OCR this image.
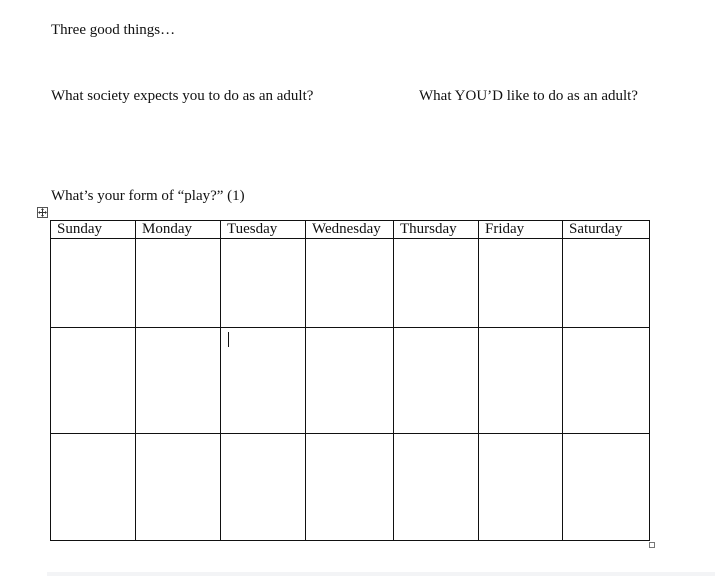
Three good things…
What society expects you to do as an adult?	What YOU’D like to do as an adult?
What’s your form of “play?” (1)
Sunday	Monday	Tuesday	Wednesday	Thursday	Friday	Saturday
